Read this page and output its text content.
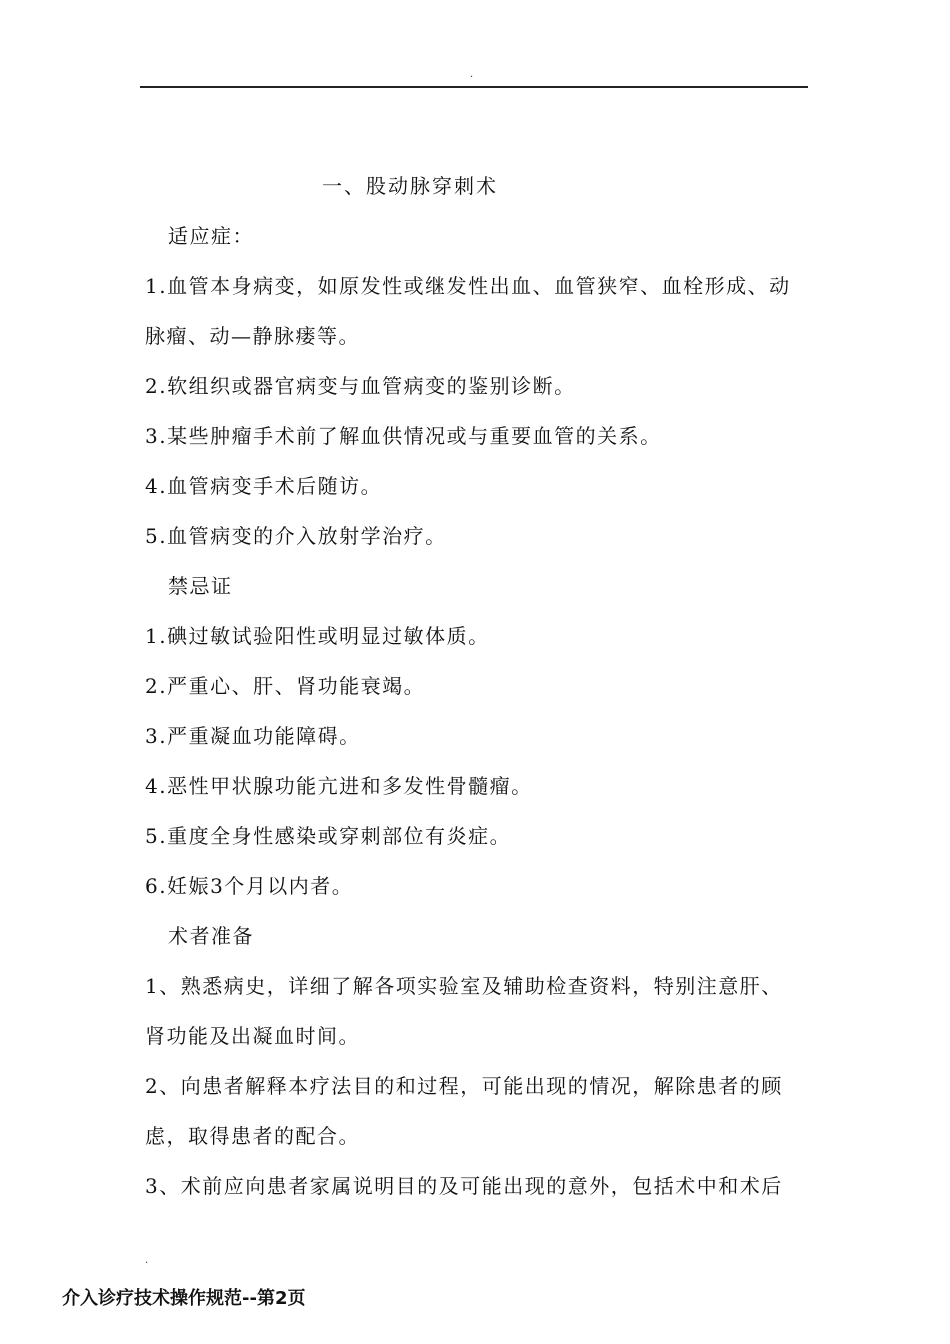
.
一、股动脉穿刺术
适应症：
1.血管本身病变，如原发性或继发性出血、血管狭窄、血栓形成、动
脉瘤、动—静脉瘘等。
2.软组织或器官病变与血管病变的鉴别诊断。
3.某些肿瘤手术前了解血供情况或与重要血管的关系。
4.血管病变手术后随访。
5.血管病变的介入放射学治疗。
禁忌证
1.碘过敏试验阳性或明显过敏体质。
2.严重心、肝、肾功能衰竭。
3.严重凝血功能障碍。
4.恶性甲状腺功能亢进和多发性骨髓瘤。
5.重度全身性感染或穿刺部位有炎症。
6.妊娠3个月以内者。
术者准备
1、熟悉病史，详细了解各项实验室及辅助检查资料，特别注意肝、
肾功能及出凝血时间。
2、向患者解释本疗法目的和过程，可能出现的情况，解除患者的顾
虑，取得患者的配合。
3、术前应向患者家属说明目的及可能出现的意外，包括术中和术后
.
介入诊疗技术操作规范--第2页
